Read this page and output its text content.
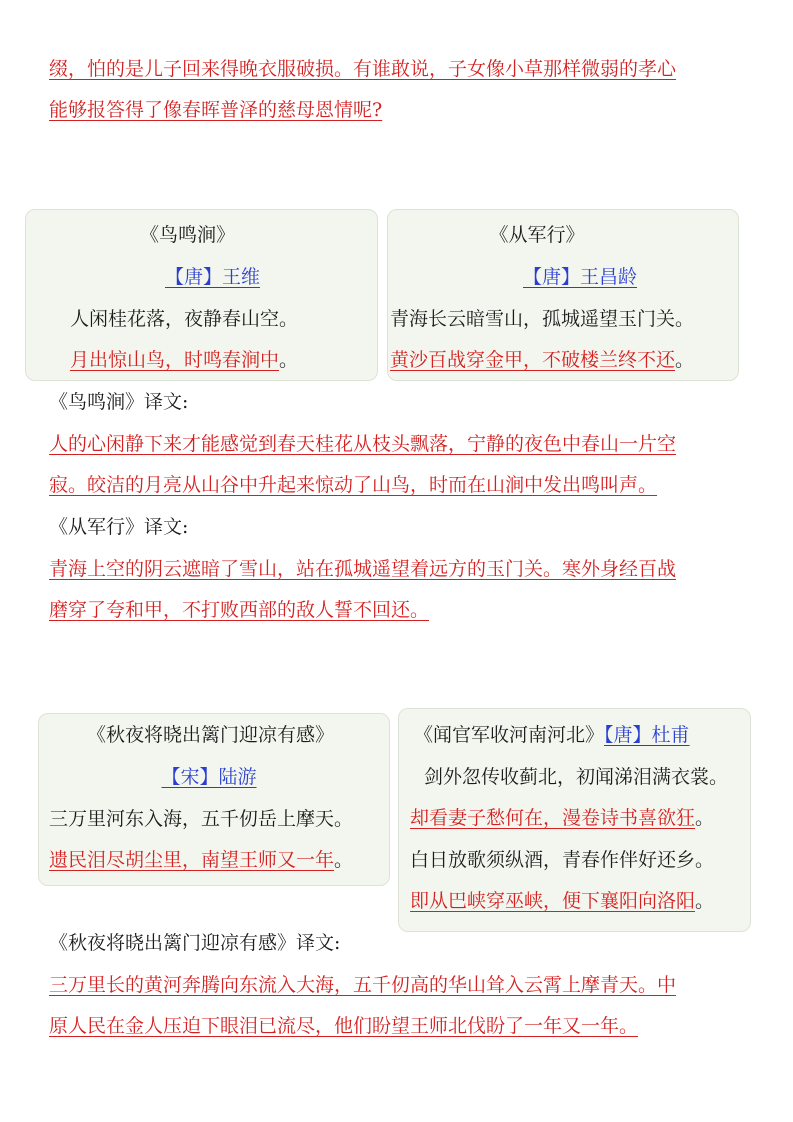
缀，怕的是儿子回来得晚衣服破损。有谁敢说，子女像小草那样微弱的孝心
能够报答得了像春晖普泽的慈母恩情呢?
《鸟鸣涧》
【唐】王维
人闲桂花落，夜静春山空。
月出惊山鸟，时鸣春涧中。
《从军行》
【唐】王昌龄
青海长云暗雪山，孤城遥望玉门关。
黄沙百战穿金甲，不破楼兰终不还。
《鸟鸣涧》译文:
人的心闲静下来才能感觉到春天桂花从枝头飘落，宁静的夜色中春山一片空
寂。皎洁的月亮从山谷中升起来惊动了山鸟，时而在山涧中发出鸣叫声。
《从军行》译文:
青海上空的阴云遮暗了雪山，站在孤城遥望着远方的玉门关。寒外身经百战
磨穿了夸和甲，不打败西部的敌人誓不回还。
《秋夜将晓出篱门迎凉有感》
【宋】陆游
三万里河东入海，五千仞岳上摩天。
遗民泪尽胡尘里，南望王师又一年。
《闻官军收河南河北》【唐】杜甫
剑外忽传收蓟北，初闻涕泪满衣裳。
却看妻子愁何在，漫卷诗书喜欲狂。
白日放歌须纵酒，青春作伴好还乡。
即从巴峡穿巫峡，便下襄阳向洛阳。
《秋夜将晓出篱门迎凉有感》译文:
三万里长的黄河奔腾向东流入大海，五千仞高的华山耸入云霄上摩青天。中
原人民在金人压迫下眼泪已流尽，他们盼望王师北伐盼了一年又一年。
